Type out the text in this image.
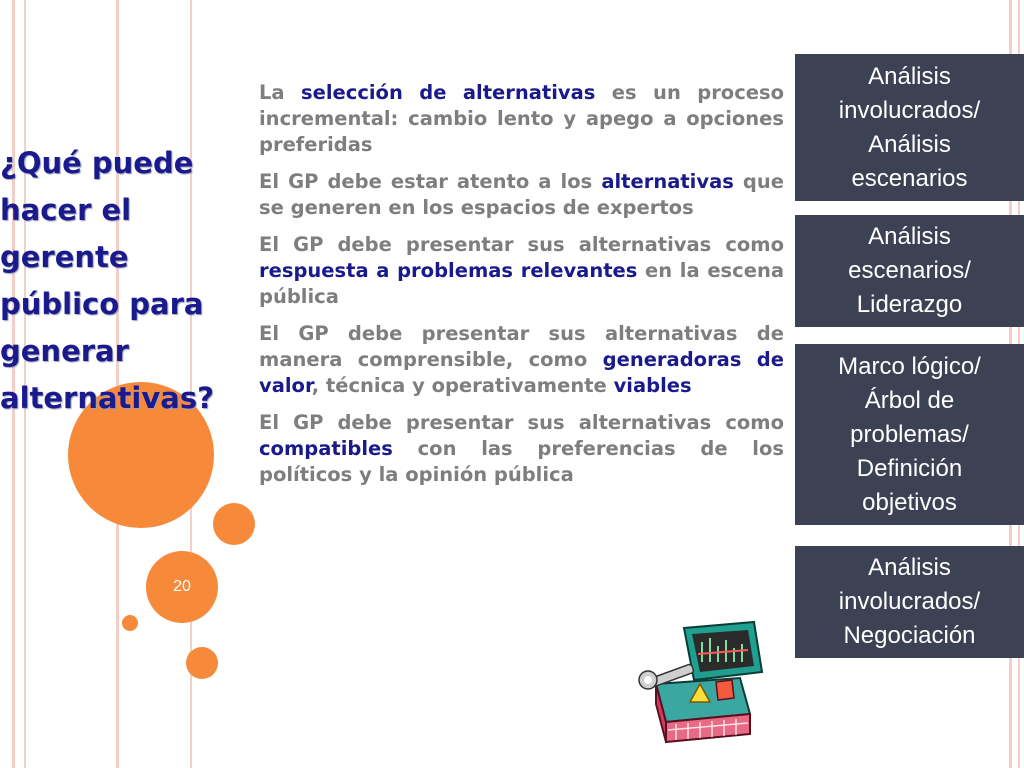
20
¿Qué puede
hacer el
gerente
público para
generar
alternativas?

La selección de alternativas es un proceso incremental: cambio lento y apego a opciones preferidas

El GP debe estar atento a los alternativas que se generen en los espacios de expertos

El GP debe presentar sus alternativas como respuesta a problemas relevantes en la escena pública

El GP debe presentar sus alternativas de manera comprensible, como generadoras de valor, técnica y operativamente viables

El GP debe presentar sus alternativas como compatibles con las preferencias de los políticos y la opinión pública

Análisis
involucrados/
Análisis
escenarios
Análisis
escenarios/
Liderazgo
Marco lógico/
Árbol de
problemas/
Definición
objetivos
Análisis
involucrados/
Negociación
